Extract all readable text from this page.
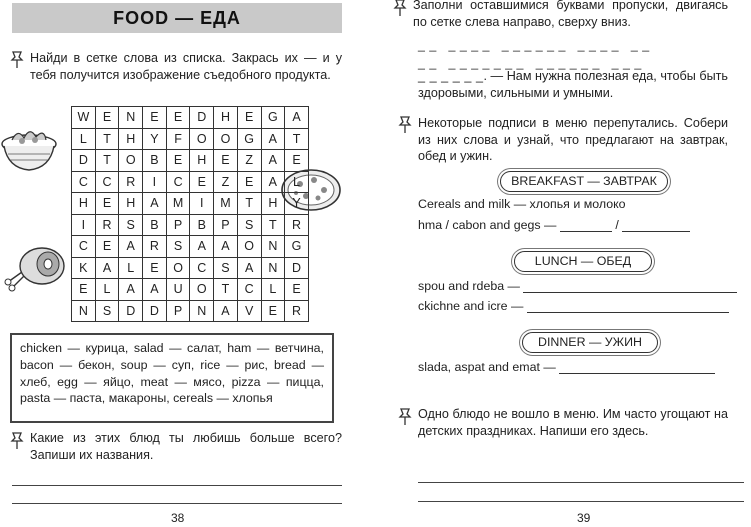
FOOD — ЕДА

Найди в сетке слова из списка. Закрась их — и у тебя получится изображение съедобного продукта.

W	E	N	E	E	D	H	E	G	A
L	T	H	Y	F	O	O	G	A	T
D	T	O	B	E	H	E	Z	A	E
C	C	R	I	C	E	Z	E	A	L
H	E	H	A	M	I	M	T	H	Y
I	R	S	B	P	B	P	S	T	R
C	E	A	R	S	A	A	O	N	G
K	A	L	E	O	C	S	A	N	D
E	L	A	A	U	O	T	C	L	E
N	S	D	D	P	N	A	V	E	R

chicken — курица, salad — салат, ham — ветчина, bacon — бекон, soup — суп, rice — рис, bread — хлеб, egg — яйцо, meat — мясо, pizza — пицца, pasta — паста, макароны, cereals — хлопья

Какие из этих блюд ты любишь больше всего? Запиши их названия.

38

Заполни оставшимися буквами пропуски, двигаясь по сетке слева направо, сверху вниз.

_ _   _ _ _ _   _ _ _ _ _ _   _ _ _ _   _ _
_ _   _ _ _ _ _ _ _   _ _ _ _ _ _   _ _ _
_ _ _ _ _ _. — Нам нужна полезная еда, чтобы быть здоровыми, сильными и умными.

Некоторые подписи в меню перепутались. Собери из них слова и узнай, что предлагают на завтрак, обед и ужин.

BREAKFAST — ЗАВТРАК
Cereals and milk — хлопья и молоко
hma / cabon and gegs —	/
LUNCH — ОБЕД
spou and rdeba —
ckichne and icre —
DINNER — УЖИН
slada, aspat and emat —

Одно блюдо не вошло в меню. Им часто угощают на детских праздниках. Напиши его здесь.

39
